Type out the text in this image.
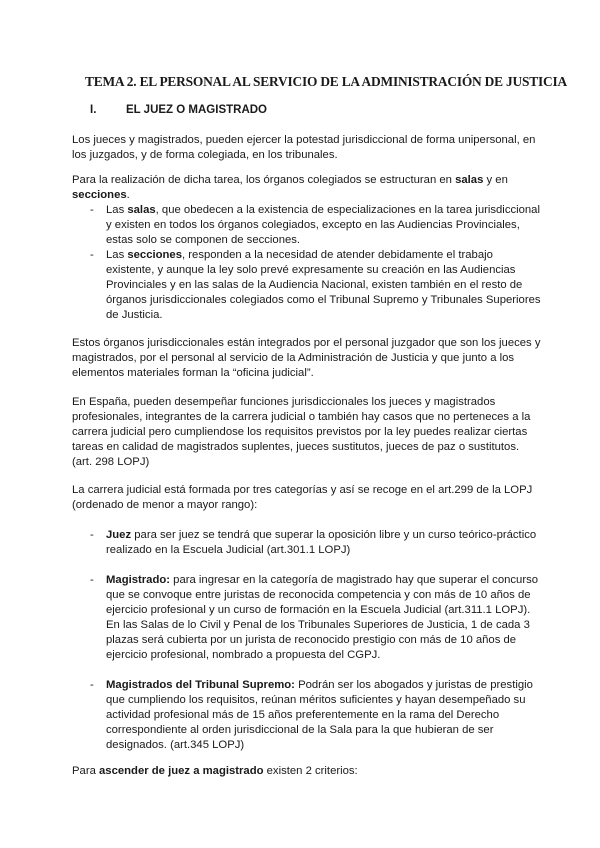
TEMA 2. EL PERSONAL AL SERVICIO DE LA ADMINISTRACIÓN DE JUSTICIA
I.	EL JUEZ O MAGISTRADO

Los jueces y magistrados, pueden ejercer la potestad jurisdiccional de forma unipersonal, en los juzgados, y de forma colegiada, en los tribunales.

Para la realización de dicha tarea, los órganos colegiados se estructuran en salas y en secciones.

- Las salas, que obedecen a la existencia de especializaciones en la tarea jurisdiccional y existen en todos los órganos colegiados, excepto en las Audiencias Provinciales, estas solo se componen de secciones.
- Las secciones, responden a la necesidad de atender debidamente el trabajo existente, y aunque la ley solo prevé expresamente su creación en las Audiencias Provinciales y en las salas de la Audiencia Nacional, existen también en el resto de órganos jurisdiccionales colegiados como el Tribunal Supremo y Tribunales Superiores de Justicia.

Estos órganos jurisdiccionales están integrados por el personal juzgador que son los jueces y magistrados, por el personal al servicio de la Administración de Justicia y que junto a los elementos materiales forman la “oficina judicial”.

En España, pueden desempeñar funciones jurisdiccionales los jueces y magistrados profesionales, integrantes de la carrera judicial o también hay casos que no perteneces a la carrera judicial pero cumpliendose los requisitos previstos por la ley puedes realizar ciertas tareas en calidad de magistrados suplentes, jueces sustitutos, jueces de paz o sustitutos. (art. 298 LOPJ)

La carrera judicial está formada por tres categorías y así se recoge en el art.299 de la LOPJ (ordenado de menor a mayor rango):

- Juez para ser juez se tendrá que superar la oposición libre y un curso teórico-práctico realizado en la Escuela Judicial (art.301.1 LOPJ)
- Magistrado: para ingresar en la categoría de magistrado hay que superar el concurso que se convoque entre juristas de reconocida competencia y con más de 10 años de ejercicio profesional y un curso de formación en la Escuela Judicial (art.311.1 LOPJ). En las Salas de lo Civil y Penal de los Tribunales Superiores de Justicia, 1 de cada 3 plazas será cubierta por un jurista de reconocido prestigio con más de 10 años de ejercicio profesional, nombrado a propuesta del CGPJ.
- Magistrados del Tribunal Supremo: Podrán ser los abogados y juristas de prestigio que cumpliendo los requisitos, reúnan méritos suficientes y hayan desempeñado su actividad profesional más de 15 años preferentemente en la rama del Derecho correspondiente al orden jurisdiccional de la Sala para la que hubieran de ser designados. (art.345 LOPJ)

Para ascender de juez a magistrado existen 2 criterios:
